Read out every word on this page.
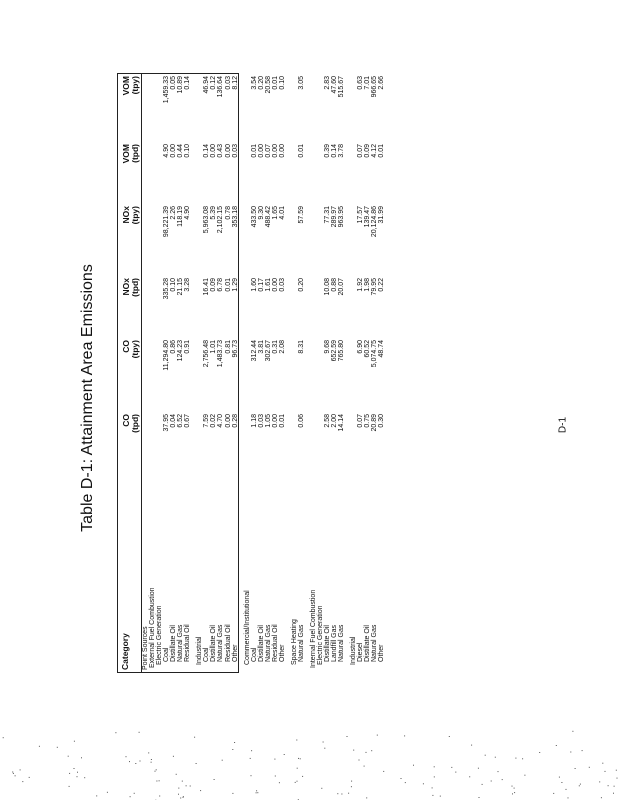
Table D-1: Attainment Area Emissions
Category	CO	CO	NOx	NOx	VOM	VOM
	(tpd)	(tpy)	(tpd)	(tpy)	(tpd)	(tpy)
Point Sources						
External Fuel Combustion						
Electric Generation						
Coal	37.95	11,294.80	335.28	98,221.39	4.90	1,459.33
Distillate Oil	0.04	0.86	0.10	2.26	0.00	0.05
Natural Gas	6.52	124.23	21.15	118.19	0.44	10.89
Residual Oil	0.67	0.91	3.28	4.90	0.10	0.14

Industrial						
Coal	7.59	2,756.48	16.41	5,963.08	0.14	46.94
Distillate Oil	0.02	1.01	0.09	5.39	0.00	0.12
Natural Gas	4.70	1,483.73	6.78	2,102.15	0.43	136.64
Residual Oil	0.00	0.81	0.01	0.78	0.00	0.03
Other	0.28	96.73	1.29	353.18	0.03	8.12

Commercial/Institutional						
Coal	1.18	312.44	1.60	433.50	0.01	3.54
Distillate Oil	0.03	3.81	0.17	9.30	0.00	0.20
Natural Gas	1.05	302.67	1.61	488.42	0.07	20.58
Residual Oil	0.00	0.31	0.00	1.65	0.00	0.01
Other	0.01	2.08	0.03	4.01	0.00	0.10

Space Heating						
Natural Gas	0.06	8.31	0.20	57.59	0.01	3.05

Internal Fuel Combustion						
Electric Generation						
Distillate Oil	2.58	9.68	10.08	77.31	0.39	2.83
Landfill Gas	2.00	652.59	0.88	289.97	0.14	47.60
Natural Gas	14.14	765.80	20.07	963.95	3.78	515.67

Industrial						
Diesel	0.07	6.90	1.92	17.57	0.07	0.63
Distillate Oil	0.75	60.52	1.98	139.47	0.09	7.01
Natural Gas	20.89	5,074.75	79.95	20,124.86	4.12	966.65
Other	0.30	48.74	0.22	31.99	0.01	2.66
D-1
